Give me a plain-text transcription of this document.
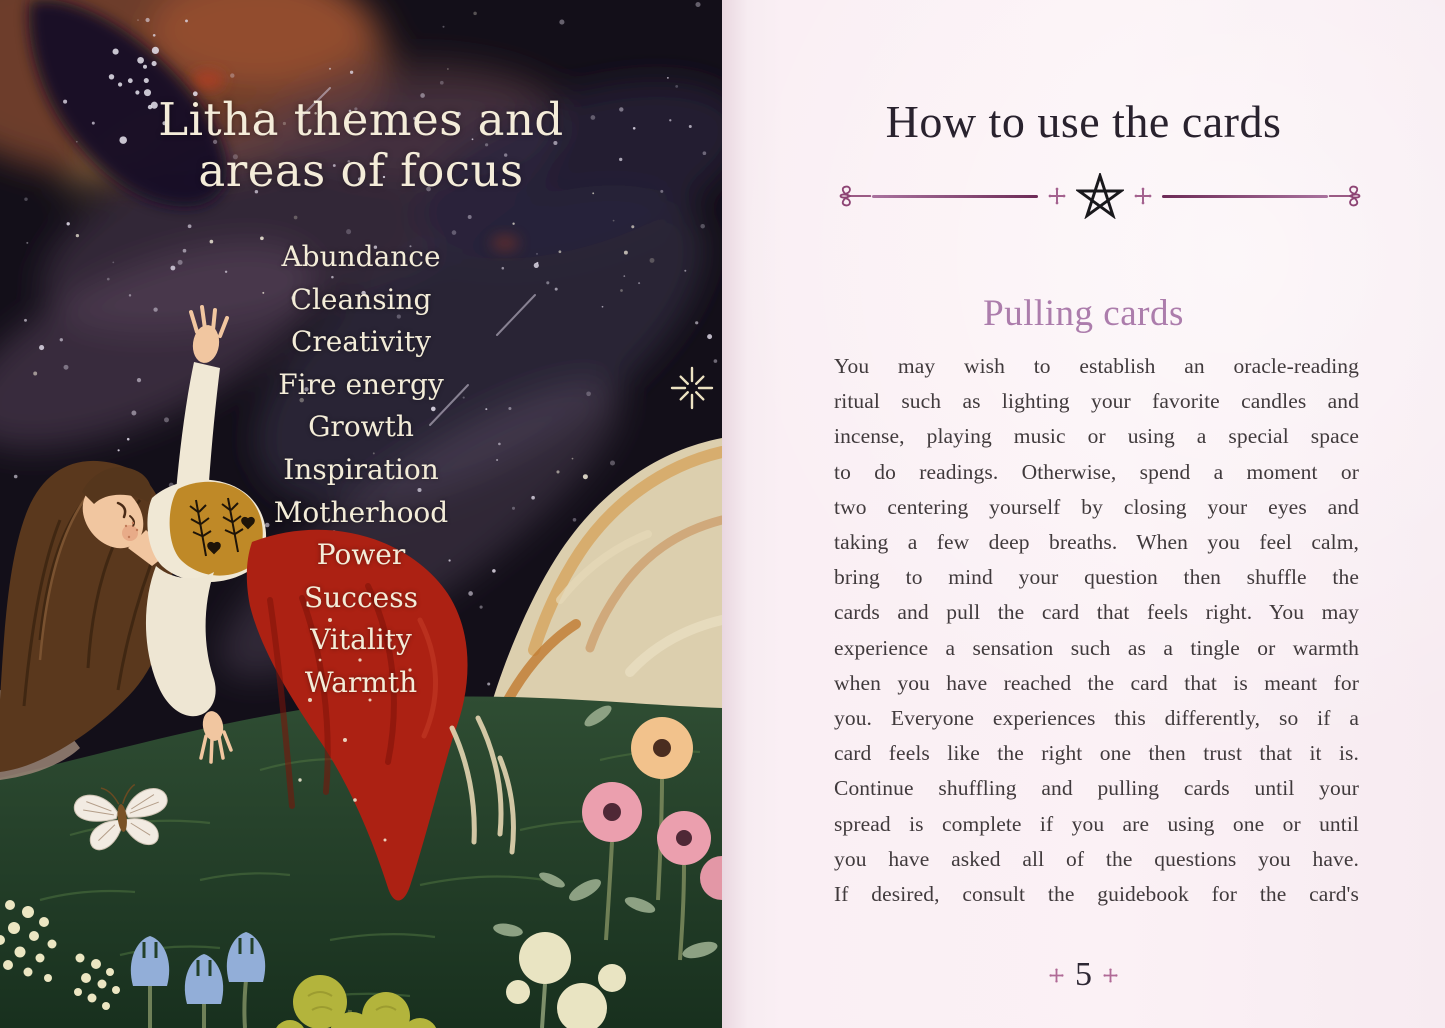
Litha themes and
areas of focus
Abundance
Cleansing
Creativity
Fire energy
Growth
Inspiration
Motherhood
Power
Success
Vitality
Warmth
How to use the cards
Pulling cards
You may wish to establish an oracle-reading
ritual such as lighting your favorite candles and
incense, playing music or using a special space
to do readings. Otherwise, spend a moment or
two centering yourself by closing your eyes and
taking a few deep breaths. When you feel calm,
bring to mind your question then shuffle the
cards and pull the card that feels right. You may
experience a sensation such as a tingle or warmth
when you have reached the card that is meant for
you. Everyone experiences this differently, so if a
card feels like the right one then trust that it is.
Continue shuffling and pulling cards until your
spread is complete if you are using one or until
you have asked all of the questions you have.
If desired, consult the guidebook for the card's
5
